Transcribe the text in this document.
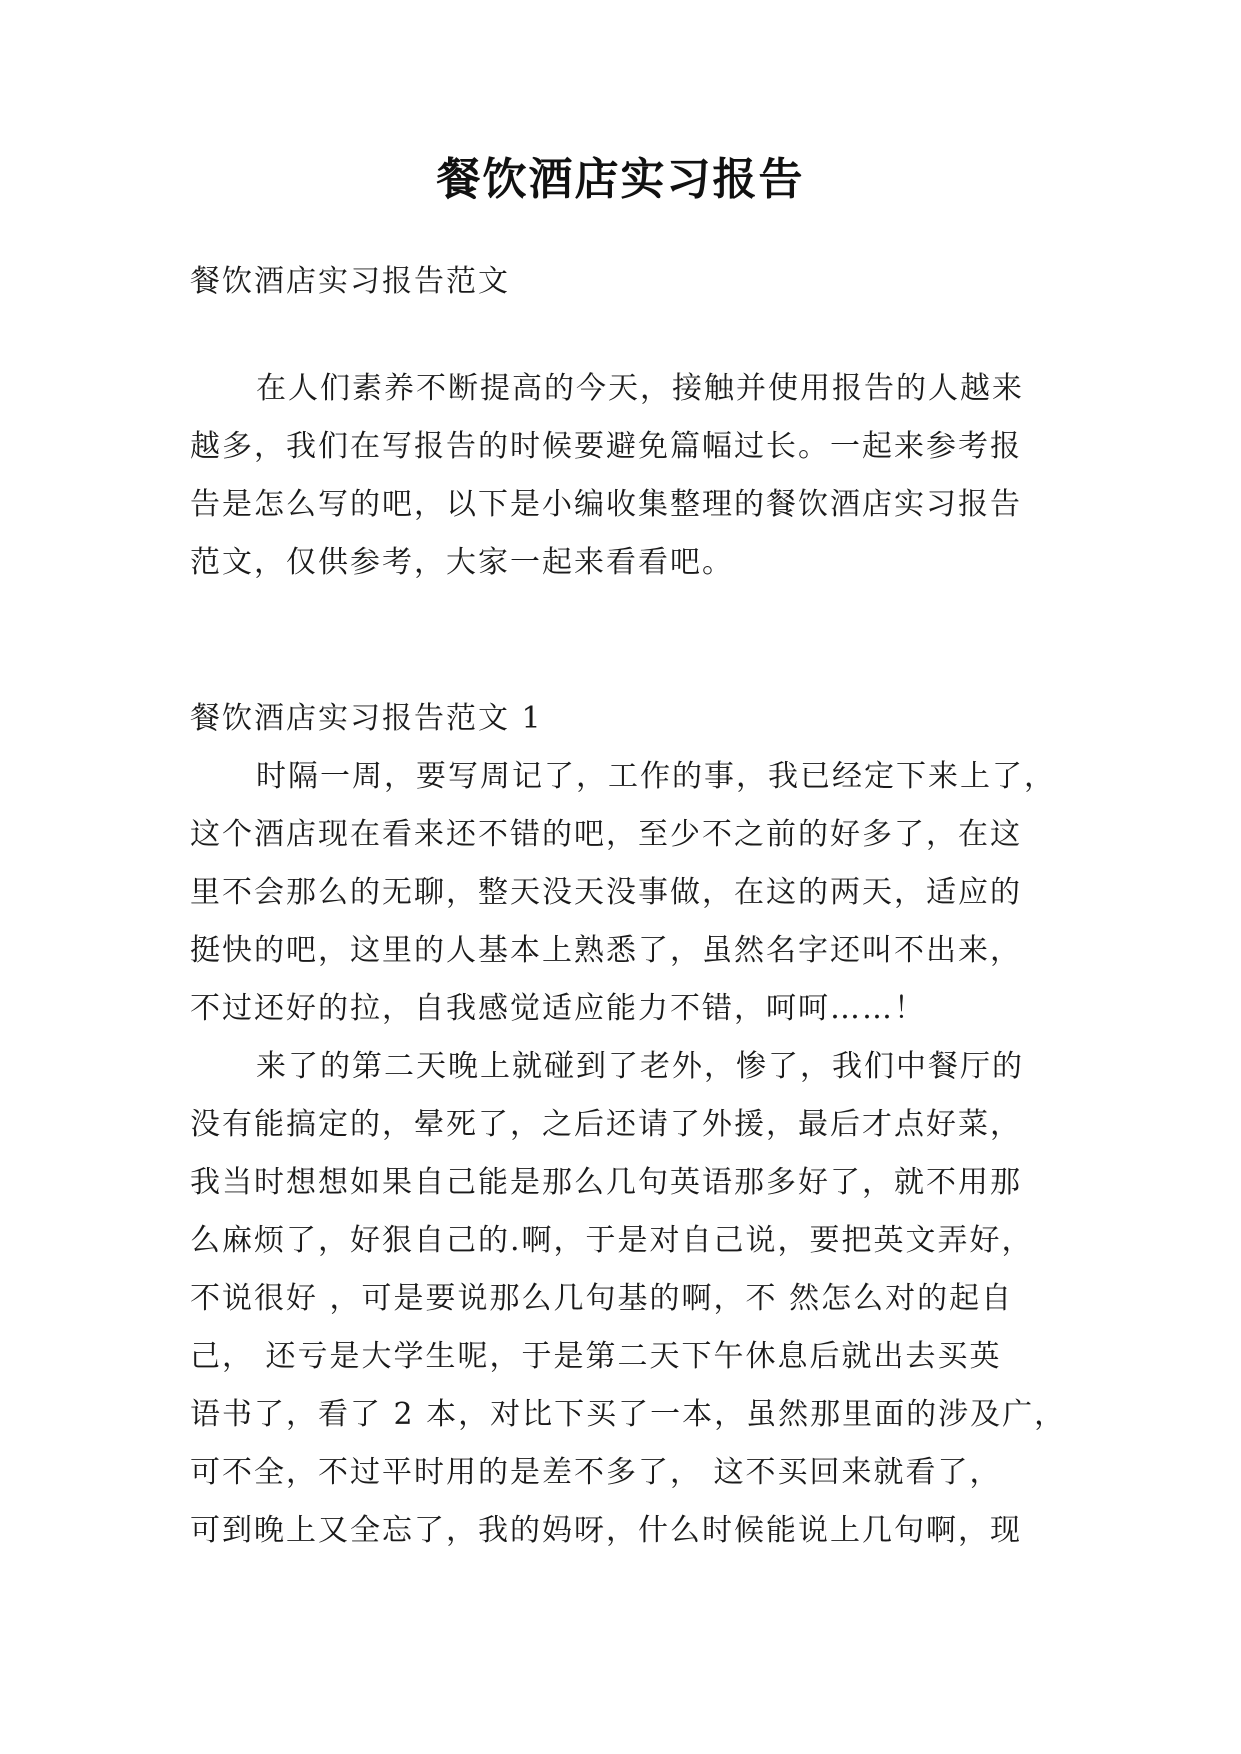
餐饮酒店实习报告
餐饮酒店实习报告范文
在人们素养不断提高的今天，接触并使用报告的人越来
越多，我们在写报告的时候要避免篇幅过长。一起来参考报
告是怎么写的吧，以下是小编收集整理的餐饮酒店实习报告
范文，仅供参考，大家一起来看看吧。
餐饮酒店实习报告范文 1
时隔一周，要写周记了，工作的事，我已经定下来上了，
这个酒店现在看来还不错的吧，至少不之前的好多了，在这
里不会那么的无聊，整天没天没事做，在这的两天，适应的
挺快的吧，这里的人基本上熟悉了，虽然名字还叫不出来，
不过还好的拉，自我感觉适应能力不错，呵呵……！
来了的第二天晚上就碰到了老外，惨了，我们中餐厅的
没有能搞定的，晕死了，之后还请了外援，最后才点好菜，
我当时想想如果自己能是那么几句英语那多好了，就不用那
么麻烦了，好狠自己的.啊，于是对自己说，要把英文弄好，
不说很好 ，可是要说那么几句基的啊，不 然怎么对的起自
己， 还亏是大学生呢，于是第二天下午休息后就出去买英
语书了，看了 2 本，对比下买了一本，虽然那里面的涉及广，
可不全，不过平时用的是差不多了， 这不买回来就看了，
可到晚上又全忘了，我的妈呀，什么时候能说上几句啊，现
